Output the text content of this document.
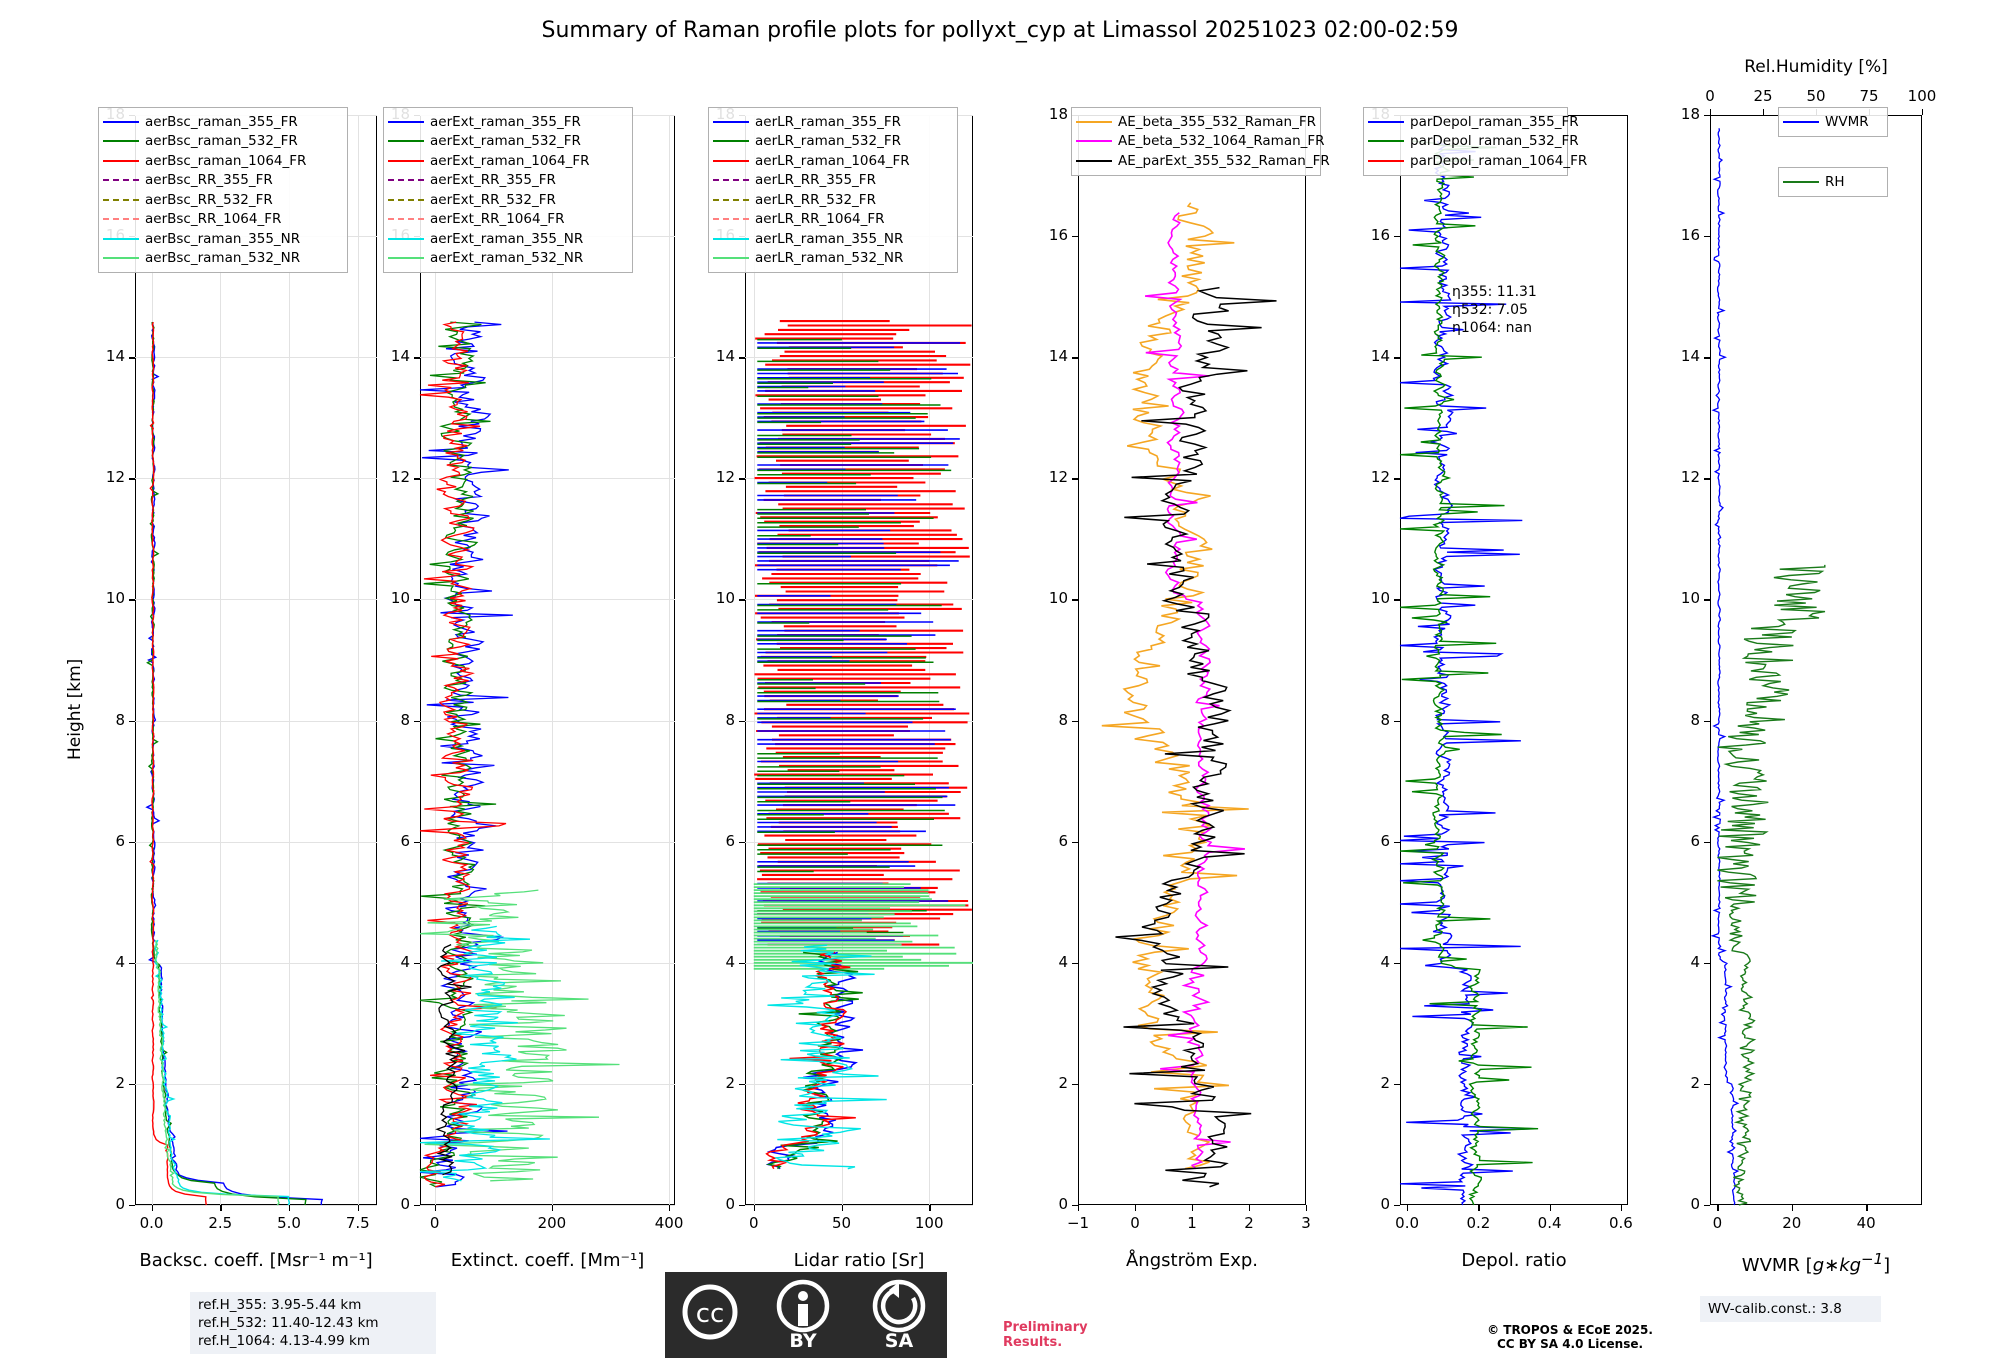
Summary of Raman profile plots for pollyxt_cyp at Limassol 20251023 02:00-02:59
0
2
4
6
8
10
12
14
0.0	2.5	5.0	7.5
Backsc. coeff. [Msr⁻¹ m⁻¹]
aerBsc_raman_355_FR
aerBsc_raman_532_FR
aerBsc_raman_1064_FR
aerBsc_RR_355_FR
aerBsc_RR_532_FR
aerBsc_RR_1064_FR
aerBsc_raman_355_NR
aerBsc_raman_532_NR
0
2
4
6
8
10
12
14
0	200	400
Extinct. coeff. [Mm⁻¹]
aerExt_raman_355_FR
aerExt_raman_532_FR
aerExt_raman_1064_FR
aerExt_RR_355_FR
aerExt_RR_532_FR
aerExt_RR_1064_FR
aerExt_raman_355_NR
aerExt_raman_532_NR
0
2
4
6
8
10
12
14
0	50	100
Lidar ratio [Sr]
aerLR_raman_355_FR
aerLR_raman_532_FR
aerLR_raman_1064_FR
aerLR_RR_355_FR
aerLR_RR_532_FR
aerLR_RR_1064_FR
aerLR_raman_355_NR
aerLR_raman_532_NR
0
2
4
6
8
10
12
14
16
18
−1	0	1	2	3
Ångström Exp.
AE_beta_355_532_Raman_FR
AE_beta_532_1064_Raman_FR
AE_parExt_355_532_Raman_FR
0
2
4
6
8
10
12
14
16
0.0	0.2	0.4	0.6
Depol. ratio
parDepol_raman_355_FR
parDepol_raman_532_FR
parDepol_raman_1064_FR
0
2
4
6
8
10
12
14
16
18
0	20	40
0	25	50	75	100
Rel.Humidity [%]
WVMR $[g∗kg^{-1}]$
WVMR
Height [km]
η355: 11.31
η532: 7.05
η1064: nan
ref.H_355: 3.95-5.44 km
ref.H_532: 11.40-12.43 km
ref.H_1064: 4.13-4.99 km
cc
BY	SA
Preliminary
Results.
© TROPOS & ECoE 2025.
CC BY SA 4.0 License.
WV-calib.const.: 3.8
RH
